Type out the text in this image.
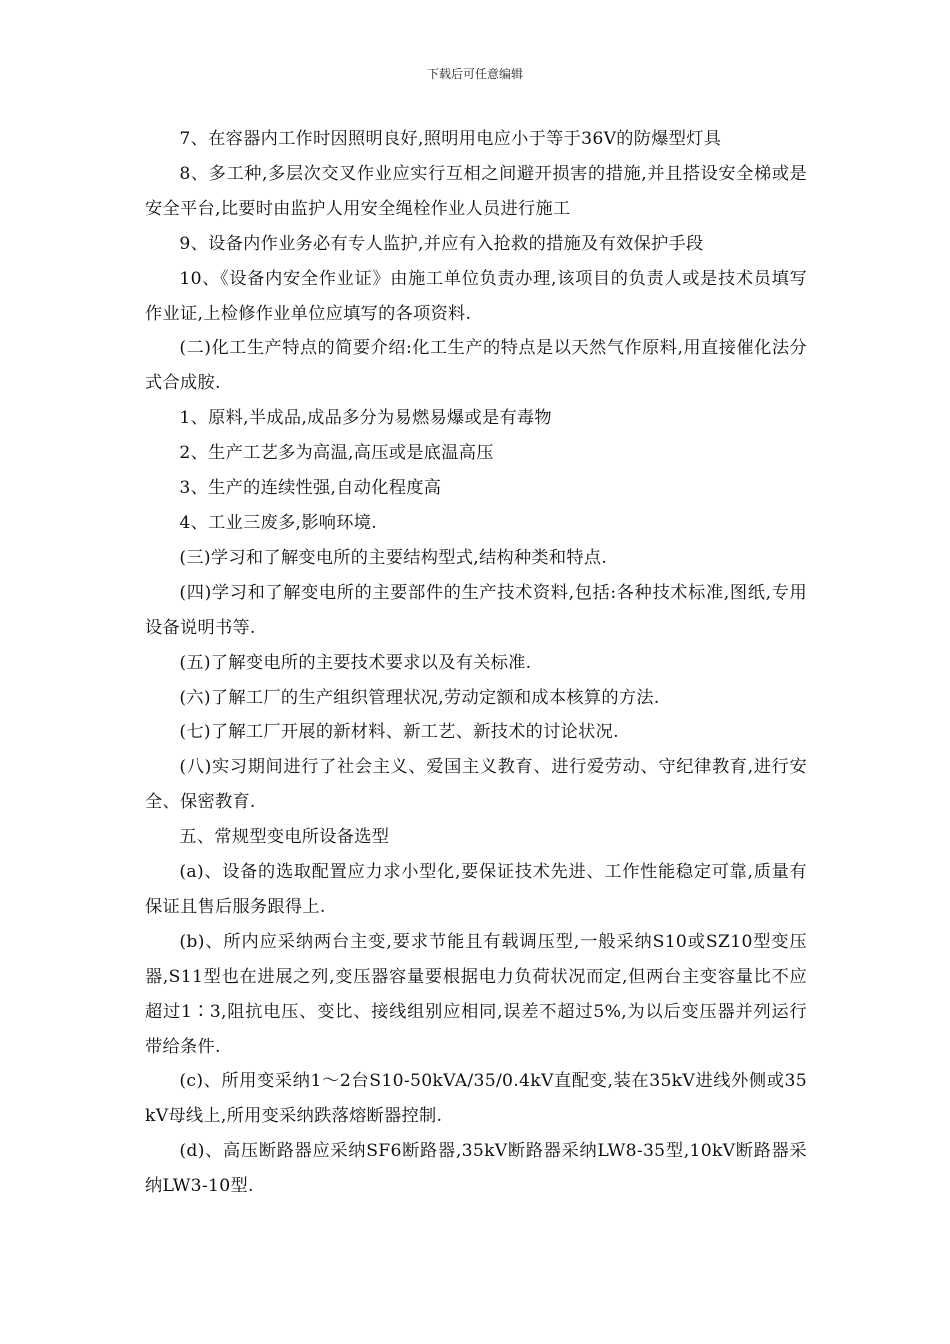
下载后可任意编辑

7、在容器内工作时因照明良好,照明用电应小于等于36V的防爆型灯具

8、多工种,多层次交叉作业应实行互相之间避开损害的措施,并且搭设安全梯或是安全平台,比要时由监护人用安全绳栓作业人员进行施工

9、设备内作业务必有专人监护,并应有入抢救的措施及有效保护手段

10、《设备内安全作业证》由施工单位负责办理,该项目的负责人或是技术员填写作业证,上检修作业单位应填写的各项资料.

(二)化工生产特点的简要介绍:化工生产的特点是以天然气作原料,用直接催化法分式合成胺.

1、原料,半成品,成品多分为易燃易爆或是有毒物

2、生产工艺多为高温,高压或是底温高压

3、生产的连续性强,自动化程度高

4、工业三废多,影响环境.

(三)学习和了解变电所的主要结构型式,结构种类和特点.

(四)学习和了解变电所的主要部件的生产技术资料,包括:各种技术标准,图纸,专用设备说明书等.

(五)了解变电所的主要技术要求以及有关标准.

(六)了解工厂的生产组织管理状况,劳动定额和成本核算的方法.

(七)了解工厂开展的新材料、新工艺、新技术的讨论状况.

(八)实习期间进行了社会主义、爱国主义教育、进行爱劳动、守纪律教育,进行安全、保密教育.

五、常规型变电所设备选型

(a)、设备的选取配置应力求小型化,要保证技术先进、工作性能稳定可靠,质量有保证且售后服务跟得上.

(b)、所内应采纳两台主变,要求节能且有载调压型,一般采纳S10或SZ10型变压器,S11型也在进展之列,变压器容量要根据电力负荷状况而定,但两台主变容量比不应超过1∶3,阻抗电压、变比、接线组别应相同,误差不超过5%,为以后变压器并列运行带给条件.

(c)、所用变采纳1～2台S10-50kVA/35/0.4kV直配变,装在35kV进线外侧或35kV母线上,所用变采纳跌落熔断器控制.

(d)、高压断路器应采纳SF6断路器,35kV断路器采纳LW8-35型,10kV断路器采纳LW3-10型.
